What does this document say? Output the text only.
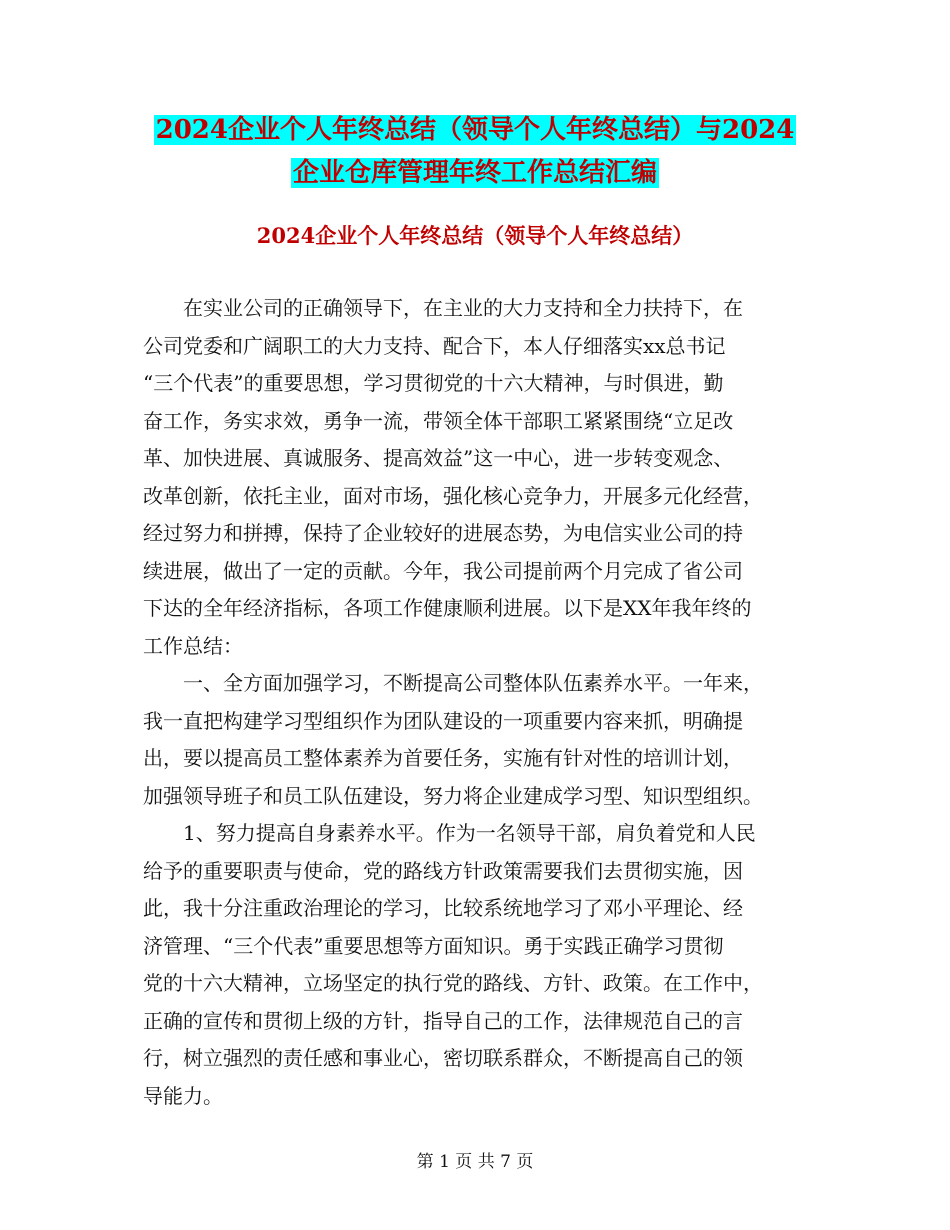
2024企业个人年终总结（领导个人年终总结）与2024
企业仓库管理年终工作总结汇编
2024企业个人年终总结（领导个人年终总结）
　　在实业公司的正确领导下，在主业的大力支持和全力扶持下，在
公司党委和广阔职工的大力支持、配合下，本人仔细落实xx总书记
“三个代表”的重要思想，学习贯彻党的十六大精神，与时俱进，勤
奋工作，务实求效，勇争一流，带领全体干部职工紧紧围绕“立足改
革、加快进展、真诚服务、提高效益”这一中心，进一步转变观念、
改革创新，依托主业，面对市场，强化核心竞争力，开展多元化经营，
经过努力和拼搏，保持了企业较好的进展态势，为电信实业公司的持
续进展，做出了一定的贡献。今年，我公司提前两个月完成了省公司
下达的全年经济指标，各项工作健康顺利进展。以下是XX年我年终的
工作总结：
　　一、全方面加强学习，不断提高公司整体队伍素养水平。一年来，
我一直把构建学习型组织作为团队建设的一项重要内容来抓，明确提
出，要以提高员工整体素养为首要任务，实施有针对性的培训计划，
加强领导班子和员工队伍建设，努力将企业建成学习型、知识型组织。
　　1、努力提高自身素养水平。作为一名领导干部，肩负着党和人民
给予的重要职责与使命，党的路线方针政策需要我们去贯彻实施，因
此，我十分注重政治理论的学习，比较系统地学习了邓小平理论、经
济管理、“三个代表”重要思想等方面知识。勇于实践正确学习贯彻
党的十六大精神，立场坚定的执行党的路线、方针、政策。在工作中，
正确的宣传和贯彻上级的方针，指导自己的工作，法律规范自己的言
行，树立强烈的责任感和事业心，密切联系群众，不断提高自己的领
导能力。
第 1 页 共 7 页
